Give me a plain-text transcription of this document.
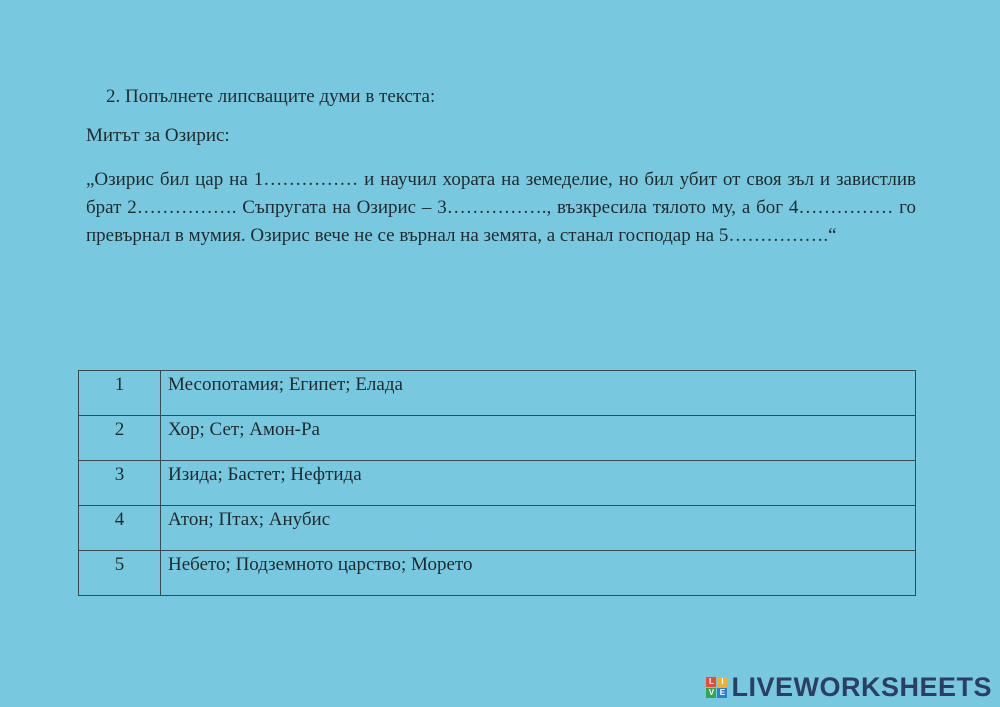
2. Попълнете липсващите думи в текста:
Митът за Озирис:
„Озирис бил цар на 1…………… и научил хората на земеделие, но бил убит от своя зъл и завистлив брат 2……………. Съпругата на Озирис – 3……………., възкресила тялото му, а бог 4…………… го превърнал в мумия. Озирис вече не се върнал на земята, а станал господар на 5…………….“
1	Месопотамия; Египет; Елада
2	Хор; Сет; Амон-Ра
3	Изида; Бастет; Нефтида
4	Атон; Птах; Анубис
5	Небето; Подземното царство; Морето
L I
V E LIVEWORKSHEETS
